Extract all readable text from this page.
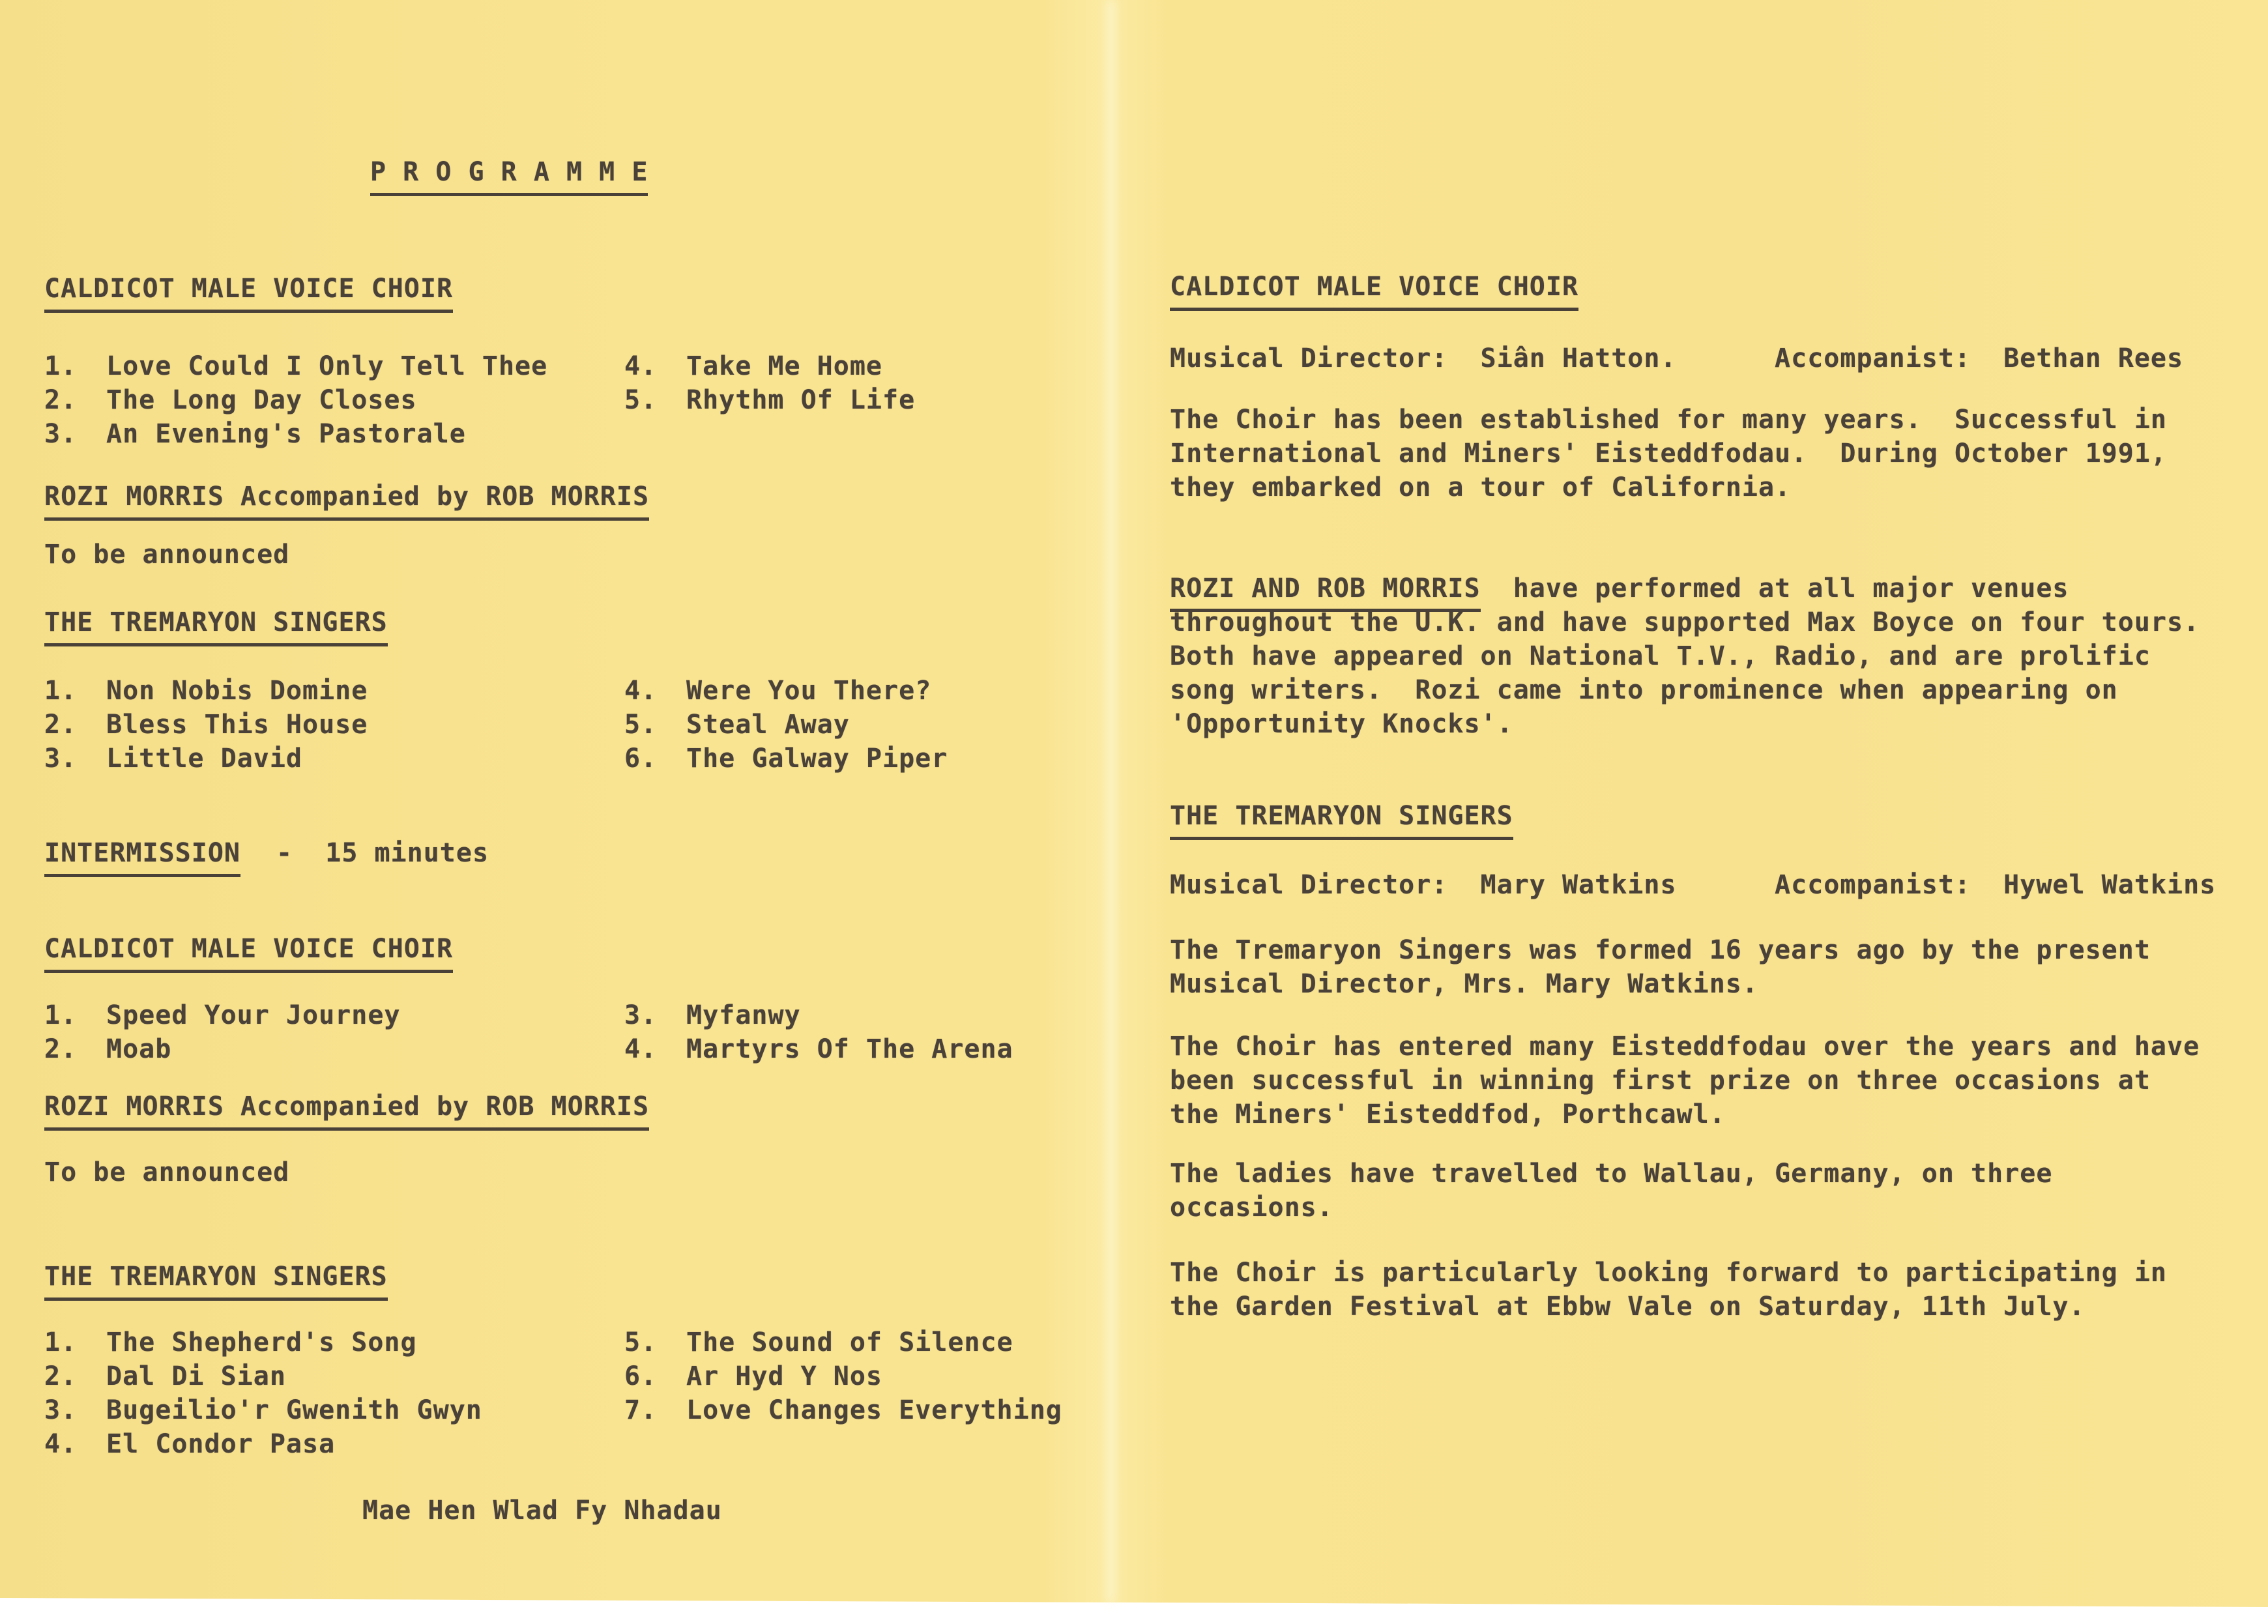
P R O G R A M M E
CALDICOT MALE VOICE CHOIR
1. Love Could I Only Tell Thee
2. The Long Day Closes
3. An Evening's Pastorale
4. Take Me Home
5. Rhythm Of Life
ROZI MORRIS Accompanied by ROB MORRIS
To be announced
THE TREMARYON SINGERS
1. Non Nobis Domine
2. Bless This House
3. Little David
4. Were You There?
5. Steal Away
6. The Galway Piper
INTERMISSION -  15 minutes
CALDICOT MALE VOICE CHOIR
1. Speed Your Journey
2. Moab
3. Myfanwy
4. Martyrs Of The Arena
ROZI MORRIS Accompanied by ROB MORRIS
To be announced
THE TREMARYON SINGERS
1. The Shepherd's Song
2. Dal Di Sian
3. Bugeilio'r Gwenith Gwyn
4. El Condor Pasa
5. The Sound of Silence
6. Ar Hyd Y Nos
7. Love Changes Everything
Mae Hen Wlad Fy Nhadau
CALDICOT MALE VOICE CHOIR
Musical Director:  Siân Hatton.      Accompanist:  Bethan Rees
The Choir has been established for many years.  Successful in
International and Miners' Eisteddfodau.  During October 1991,
they embarked on a tour of California.
ROZI AND ROB MORRIS  have performed at all major venues
throughout the U.K. and have supported Max Boyce on four tours.
Both have appeared on National T.V., Radio, and are prolific
song writers.  Rozi came into prominence when appearing on
'Opportunity Knocks'.
THE TREMARYON SINGERS
Musical Director:  Mary Watkins      Accompanist:  Hywel Watkins
The Tremaryon Singers was formed 16 years ago by the present
Musical Director, Mrs. Mary Watkins.
The Choir has entered many Eisteddfodau over the years and have
been successful in winning first prize on three occasions at
the Miners' Eisteddfod, Porthcawl.
The ladies have travelled to Wallau, Germany, on three
occasions.
The Choir is particularly looking forward to participating in
the Garden Festival at Ebbw Vale on Saturday, 11th July.
